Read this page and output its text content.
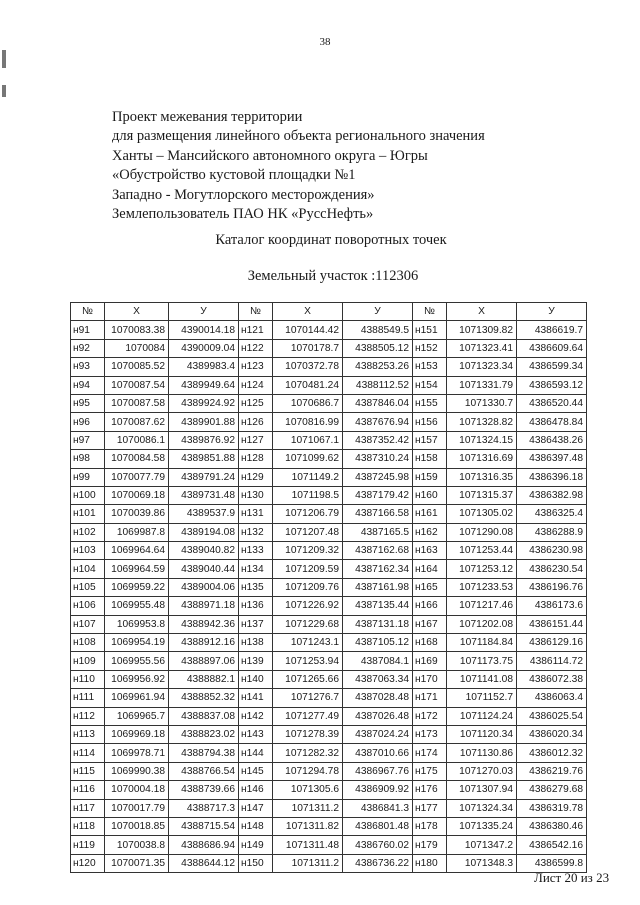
38
Проект межевания территории
для размещения линейного объекта регионального значения
Ханты – Мансийского автономного округа – Югры
«Обустройство кустовой площадки №1
Западно - Могутлорского месторождения»
Землепользователь ПАО НК «РуссНефть»
Каталог координат поворотных точек
Земельный участок :112306
№	X	У	№	X	У	№	X	У
н91	1070083.38	4390014.18	н121	1070144.42	4388549.5	н151	1071309.82	4386619.7
н92	1070084	4390009.04	н122	1070178.7	4388505.12	н152	1071323.41	4386609.64
н93	1070085.52	4389983.4	н123	1070372.78	4388253.26	н153	1071323.34	4386599.34
н94	1070087.54	4389949.64	н124	1070481.24	4388112.52	н154	1071331.79	4386593.12
н95	1070087.58	4389924.92	н125	1070686.7	4387846.04	н155	1071330.7	4386520.44
н96	1070087.62	4389901.88	н126	1070816.99	4387676.94	н156	1071328.82	4386478.84
н97	1070086.1	4389876.92	н127	1071067.1	4387352.42	н157	1071324.15	4386438.26
н98	1070084.58	4389851.88	н128	1071099.62	4387310.24	н158	1071316.69	4386397.48
н99	1070077.79	4389791.24	н129	1071149.2	4387245.98	н159	1071316.35	4386396.18
н100	1070069.18	4389731.48	н130	1071198.5	4387179.42	н160	1071315.37	4386382.98
н101	1070039.86	4389537.9	н131	1071206.79	4387166.58	н161	1071305.02	4386325.4
н102	1069987.8	4389194.08	н132	1071207.48	4387165.5	н162	1071290.08	4386288.9
н103	1069964.64	4389040.82	н133	1071209.32	4387162.68	н163	1071253.44	4386230.98
н104	1069964.59	4389040.44	н134	1071209.59	4387162.34	н164	1071253.12	4386230.54
н105	1069959.22	4389004.06	н135	1071209.76	4387161.98	н165	1071233.53	4386196.76
н106	1069955.48	4388971.18	н136	1071226.92	4387135.44	н166	1071217.46	4386173.6
н107	1069953.8	4388942.36	н137	1071229.68	4387131.18	н167	1071202.08	4386151.44
н108	1069954.19	4388912.16	н138	1071243.1	4387105.12	н168	1071184.84	4386129.16
н109	1069955.56	4388897.06	н139	1071253.94	4387084.1	н169	1071173.75	4386114.72
н110	1069956.92	4388882.1	н140	1071265.66	4387063.34	н170	1071141.08	4386072.38
н111	1069961.94	4388852.32	н141	1071276.7	4387028.48	н171	1071152.7	4386063.4
н112	1069965.7	4388837.08	н142	1071277.49	4387026.48	н172	1071124.24	4386025.54
н113	1069969.18	4388823.02	н143	1071278.39	4387024.24	н173	1071120.34	4386020.34
н114	1069978.71	4388794.38	н144	1071282.32	4387010.66	н174	1071130.86	4386012.32
н115	1069990.38	4388766.54	н145	1071294.78	4386967.76	н175	1071270.03	4386219.76
н116	1070004.18	4388739.66	н146	1071305.6	4386909.92	н176	1071307.94	4386279.68
н117	1070017.79	4388717.3	н147	1071311.2	4386841.3	н177	1071324.34	4386319.78
н118	1070018.85	4388715.54	н148	1071311.82	4386801.48	н178	1071335.24	4386380.46
н119	1070038.8	4388686.94	н149	1071311.48	4386760.02	н179	1071347.2	4386542.16
н120	1070071.35	4388644.12	н150	1071311.2	4386736.22	н180	1071348.3	4386599.8
Лист 20 из 23
